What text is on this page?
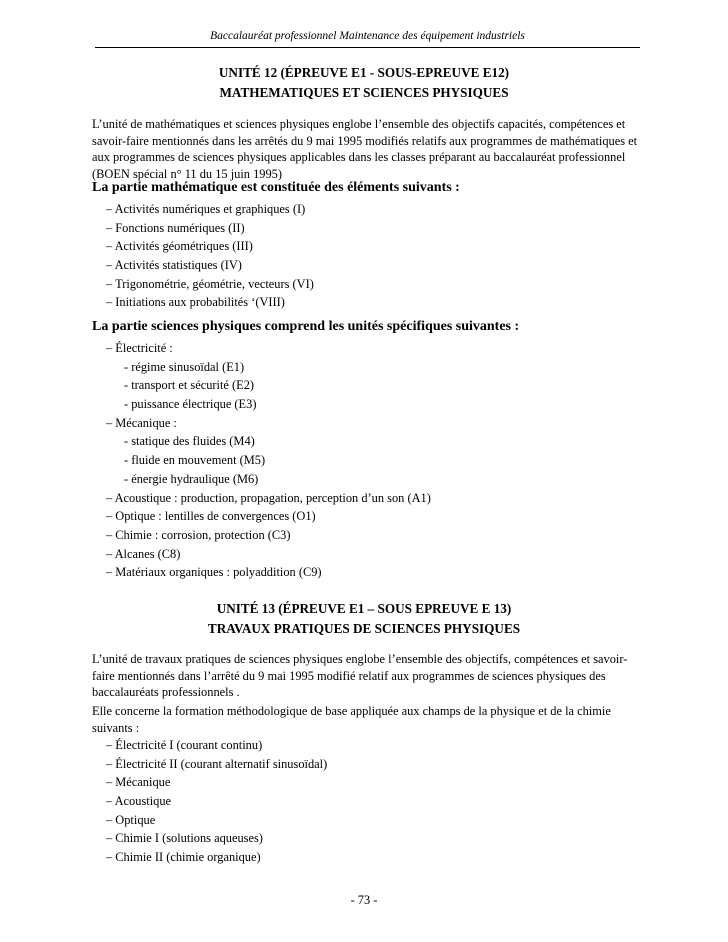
Baccalauréat professionnel Maintenance des équipement industriels
UNITÉ 12 (ÉPREUVE E1 - SOUS-EPREUVE E12)
MATHEMATIQUES ET SCIENCES PHYSIQUES
L’unité de mathématiques et sciences physiques englobe l’ensemble des objectifs capacités, compétences et savoir-faire mentionnés dans les arrêtés du 9 mai 1995 modifiés relatifs aux programmes de mathématiques et aux programmes de sciences physiques applicables dans les classes préparant au baccalauréat professionnel (BOEN spécial n° 11 du 15 juin 1995)
La partie mathématique est constituée des éléments suivants :
– Activités numériques et graphiques (I)
– Fonctions numériques (II)
– Activités géométriques (III)
– Activités statistiques (IV)
– Trigonométrie, géométrie, vecteurs (VI)
– Initiations aux probabilités ‘(VIII)
La partie sciences physiques comprend les unités spécifiques suivantes :
– Électricité :
- régime sinusoïdal (E1)
- transport et sécurité (E2)
- puissance électrique (E3)
– Mécanique :
- statique des fluides (M4)
- fluide en mouvement (M5)
- énergie hydraulique (M6)
– Acoustique : production, propagation, perception d’un son (A1)
– Optique : lentilles de convergences (O1)
– Chimie : corrosion, protection (C3)
– Alcanes (C8)
– Matériaux organiques : polyaddition (C9)
UNITÉ 13 (ÉPREUVE E1 – SOUS EPREUVE E 13)
TRAVAUX PRATIQUES DE SCIENCES PHYSIQUES
L’unité de travaux pratiques de sciences physiques englobe l’ensemble des objectifs, compétences et savoir-faire mentionnés dans l’arrêté du 9 mai 1995 modifié relatif aux programmes de sciences physiques des baccalauréats professionnels .
Elle concerne la formation méthodologique de base appliquée aux champs de la physique et de la chimie suivants :
– Électricité I (courant continu)
– Électricité II (courant alternatif sinusoïdal)
– Mécanique
– Acoustique
– Optique
– Chimie I (solutions aqueuses)
– Chimie II (chimie organique)
- 73 -
